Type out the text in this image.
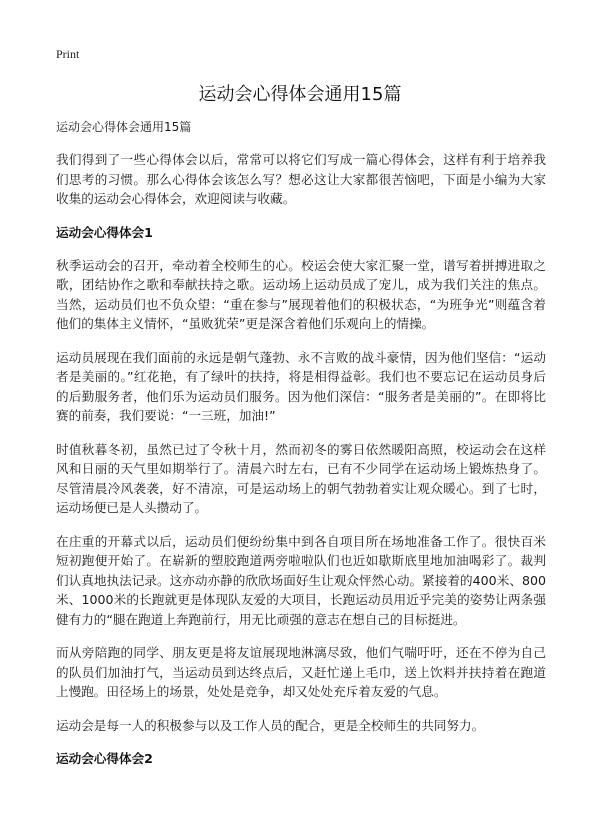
Print
运动会心得体会通用15篇

运动会心得体会通用15篇

我们得到了一些心得体会以后，常常可以将它们写成一篇心得体会，这样有利于培养我们思考的习惯。那么心得体会该怎么写？想必这让大家都很苦恼吧，下面是小编为大家收集的运动会心得体会，欢迎阅读与收藏。

运动会心得体会1

秋季运动会的召开，牵动着全校师生的心。校运会使大家汇聚一堂，谱写着拼搏进取之歌，团结协作之歌和奉献扶持之歌。运动场上运动员成了宠儿，成为我们关注的焦点。当然，运动员们也不负众望：“重在参与”展现着他们的积极状态，“为班争光”则蕴含着他们的集体主义情怀，“虽败犹荣”更是深含着他们乐观向上的情操。

运动员展现在我们面前的永远是朝气蓬勃、永不言败的战斗豪情，因为他们坚信：“运动者是美丽的。”红花艳，有了绿叶的扶持，将是相得益彰。我们也不要忘记在运动员身后的后勤服务者，他们乐为运动员们服务。因为他们深信：“服务者是美丽的”。在即将比赛的前奏，我们要说：“一三班，加油!”

时值秋暮冬初，虽然已过了令秋十月，然而初冬的雾日依然暖阳高照，校运动会在这样风和日丽的天气里如期举行了。清晨六时左右，已有不少同学在运动场上锻炼热身了。尽管清晨冷风袭袭，好不清凉，可是运动场上的朝气勃勃着实让观众暖心。到了七时，运动场便已是人头攒动了。

在庄重的开幕式以后，运动员们便纷纷集中到各自项目所在场地准备工作了。很快百米短初跑便开始了。在崭新的塑胶跑道两旁啦啦队们也近如歇斯底里地加油喝彩了。裁判们认真地执法记录。这亦动亦静的欣欣场面好生让观众怦然心动。紧接着的400米、800米、1000米的长跑就更是体现队友爱的大项目，长跑运动员用近乎完美的姿势让两条强健有力的“腿在跑道上奔跑前行，用无比顽强的意志在想自己的目标挺进。

而从旁陪跑的同学、朋友更是将友谊展现地淋漓尽致，他们气喘吁吁，还在不停为自己的队员们加油打气，当运动员到达终点后，又赶忙递上毛巾，送上饮料并扶持着在跑道上慢跑。田径场上的场景，处处是竞争，却又处处充斥着友爱的气息。

运动会是每一人的积极参与以及工作人员的配合，更是全校师生的共同努力。

运动会心得体会2
